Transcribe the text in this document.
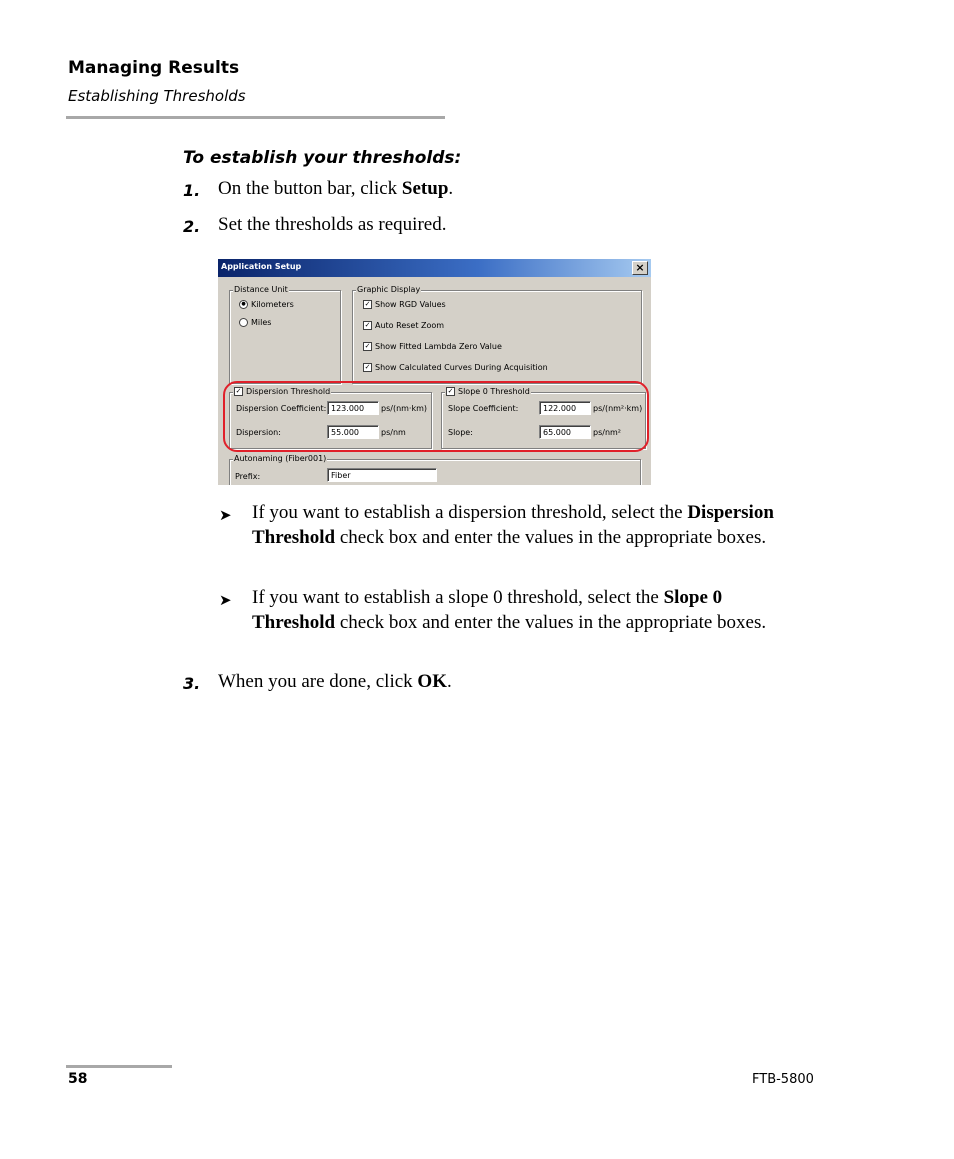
Managing Results
Establishing Thresholds
To establish your thresholds:
1. On the button bar, click Setup.
2. Set the thresholds as required.
Application Setup	×
Distance Unit
● Kilometers
Miles
Graphic Display
✓ Show RGD Values
✓ Auto Reset Zoom
✓ Show Fitted Lambda Zero Value
✓ Show Calculated Curves During Acquisition
✓ Dispersion Threshold
Dispersion Coefficient: 123.000	ps/(nm·km)
Dispersion:	55.000	ps/nm
✓ Slope 0 Threshold
Slope Coefficient:	122.000	ps/(nm²·km)
Slope:	65.000	ps/nm²
Autonaming (Fiber001)
Prefix:	Fiber
➤ If you want to establish a dispersion threshold, select the Dispersion Threshold check box and enter the values in the appropriate boxes.
➤ If you want to establish a slope 0 threshold, select the Slope 0 Threshold check box and enter the values in the appropriate boxes.
3. When you are done, click OK.
58	FTB-5800
